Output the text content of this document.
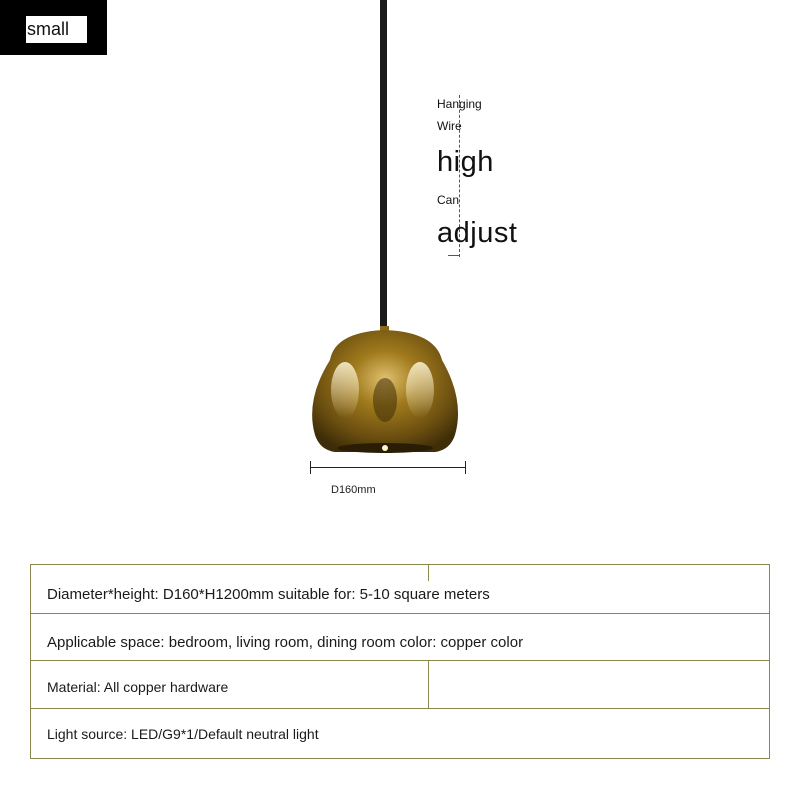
small
Hanging
Wire
high
Can
adjust
D160mm
Diameter*height: D160*H1200mm suitable for: 5-10 square meters
Applicable space: bedroom, living room, dining room color: copper color
Material: All copper hardware
Light source: LED/G9*1/Default neutral light
